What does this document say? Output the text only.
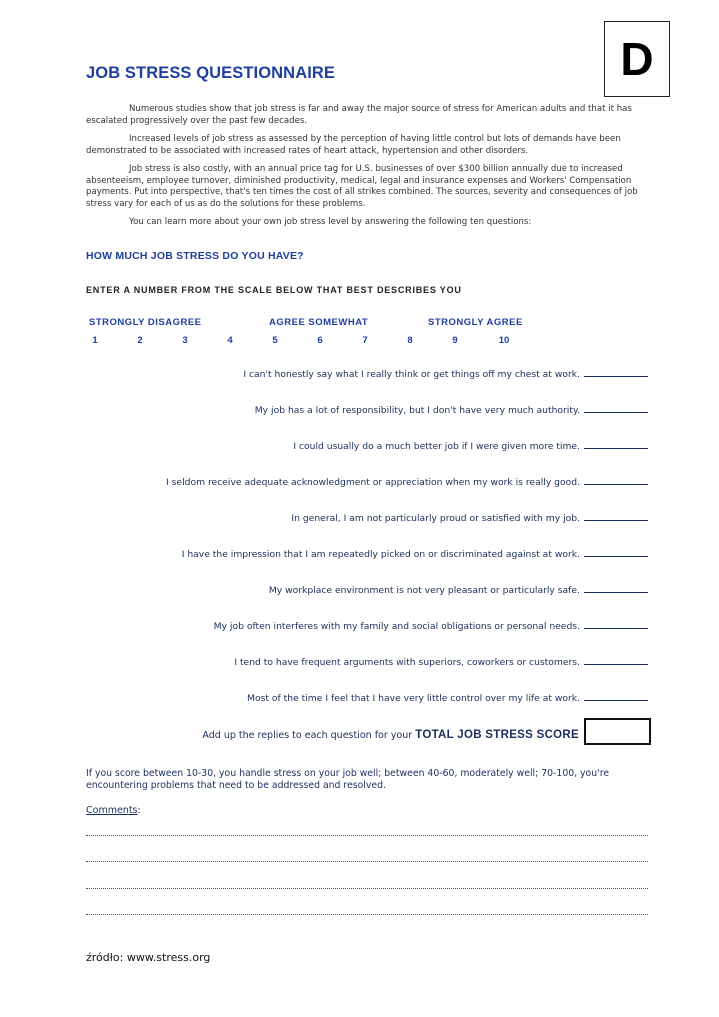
D
JOB STRESS QUESTIONNAIRE

Numerous studies show that job stress is far and away the major source of stress for American adults and that it has escalated progressively over the past few decades.

Increased levels of job stress as assessed by the perception of having little control but lots of demands have been demonstrated to be associated with increased rates of heart attack, hypertension and other disorders.

Job stress is also costly, with an annual price tag for U.S. businesses of over $300 billion annually due to increased absenteeism, employee turnover, diminished productivity, medical, legal and insurance expenses and Workers' Compensation payments. Put into perspective, that's ten times the cost of all strikes combined. The sources, severity and consequences of job stress vary for each of us as do the solutions for these problems.

You can learn more about your own job stress level by answering the following ten questions:

HOW MUCH JOB STRESS DO YOU HAVE?
ENTER A NUMBER FROM THE SCALE BELOW THAT BEST DESCRIBES YOU
STRONGLY DISAGREE	AGREE SOMEWHAT	STRONGLY AGREE
1	2	3	4	5	6	7	8	9	10
I can't honestly say what I really think or get things off my chest at work.
My job has a lot of responsibility, but I don't have very much authority.
I could usually do a much better job if I were given more time.
I seldom receive adequate acknowledgment or appreciation when my work is really good.
In general, I am not particularly proud or satisfied with my job.
I have the impression that I am repeatedly picked on or discriminated against at work.
My workplace environment is not very pleasant or particularly safe.
My job often interferes with my family and social obligations or personal needs.
I tend to have frequent arguments with superiors, coworkers or customers.
Most of the time I feel that I have very little control over my life at work.
Add up the replies to each question for your TOTAL JOB STRESS SCORE
If you score between 10-30, you handle stress on your job well; between 40-60, moderately well; 70-100, you're encountering problems that need to be addressed and resolved.
Comments:
źródło: www.stress.org
